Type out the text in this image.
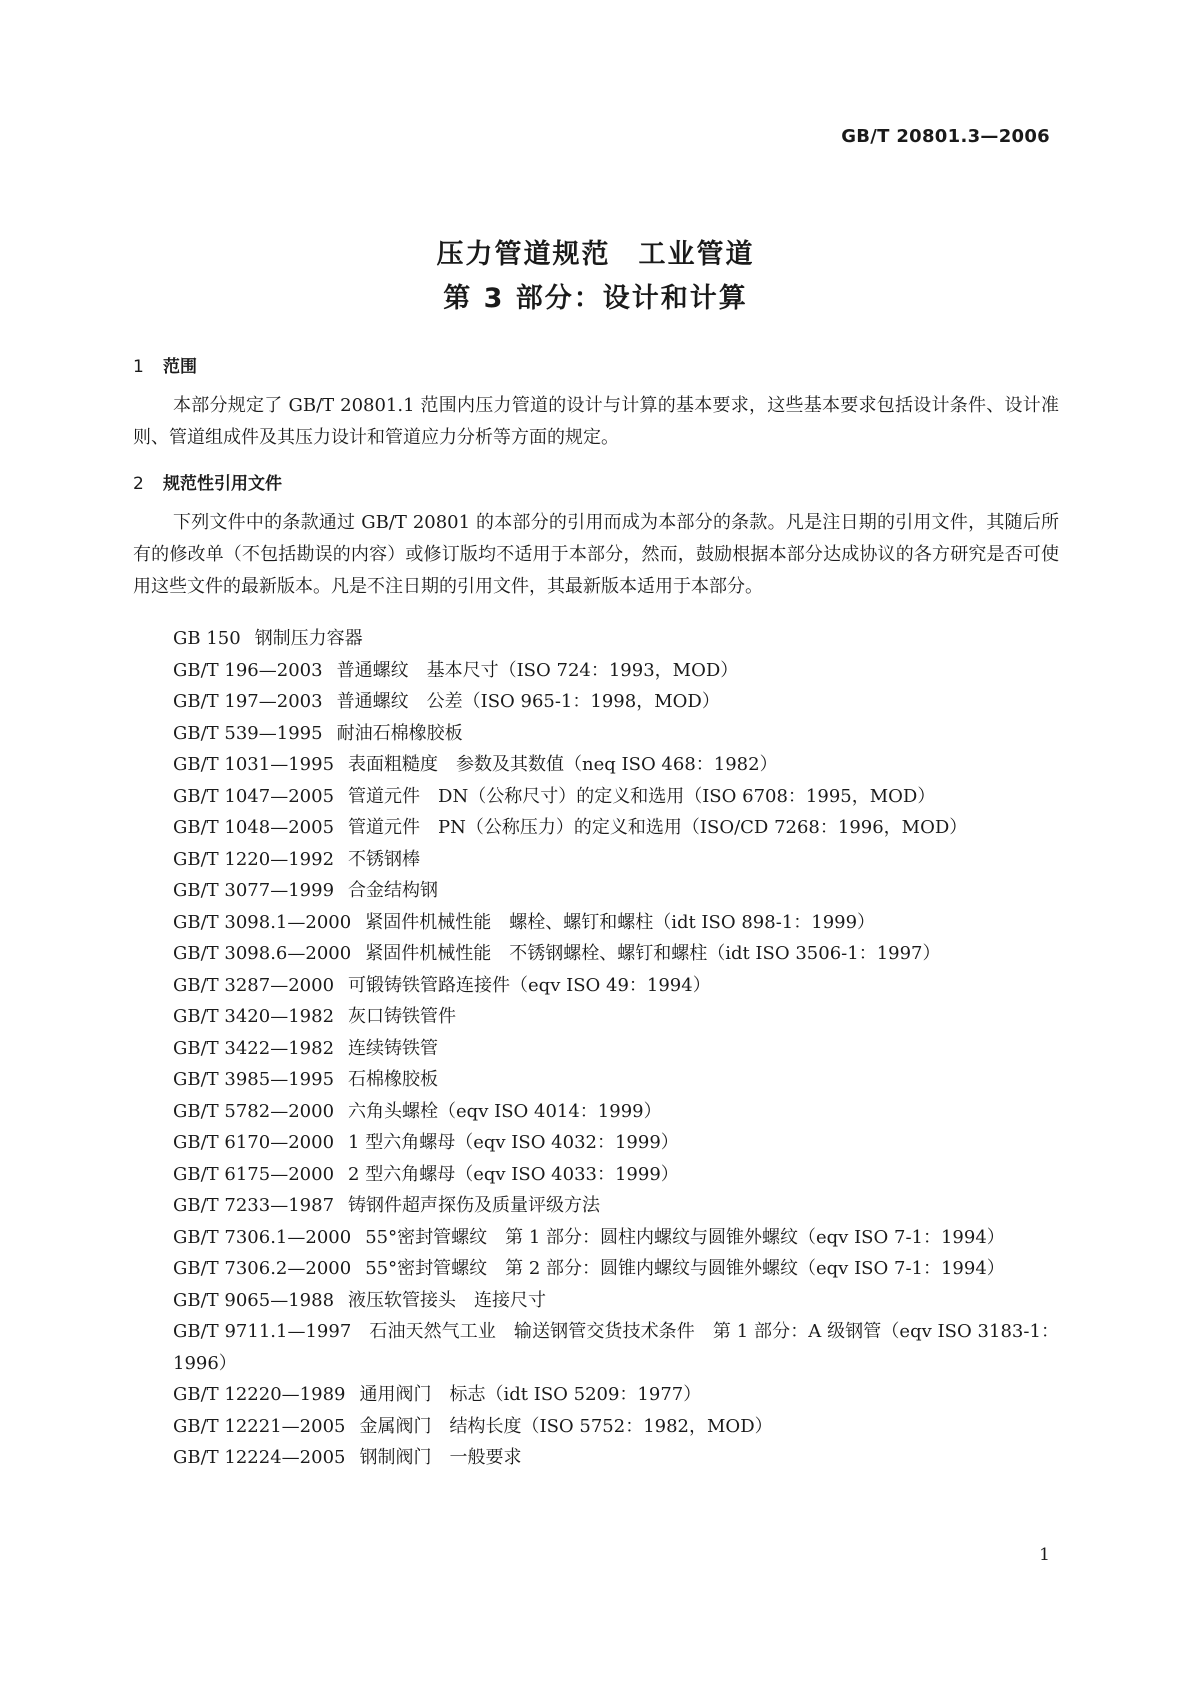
GB/T 20801.3—2006
压力管道规范 工业管道
第 3 部分：设计和计算
1 范围
本部分规定了 GB/T 20801.1 范围内压力管道的设计与计算的基本要求，这些基本要求包括设计条件、设计准则、管道组成件及其压力设计和管道应力分析等方面的规定。
2 规范性引用文件
下列文件中的条款通过 GB/T 20801 的本部分的引用而成为本部分的条款。凡是注日期的引用文件，其随后所有的修改单（不包括勘误的内容）或修订版均不适用于本部分，然而，鼓励根据本部分达成协议的各方研究是否可使用这些文件的最新版本。凡是不注日期的引用文件，其最新版本适用于本部分。
GB 150 钢制压力容器
GB/T 196—2003 普通螺纹　基本尺寸（ISO 724：1993，MOD）
GB/T 197—2003 普通螺纹　公差（ISO 965-1：1998，MOD）
GB/T 539—1995 耐油石棉橡胶板
GB/T 1031—1995 表面粗糙度　参数及其数值（neq ISO 468：1982）
GB/T 1047—2005 管道元件　DN（公称尺寸）的定义和选用（ISO 6708：1995，MOD）
GB/T 1048—2005 管道元件　PN（公称压力）的定义和选用（ISO/CD 7268：1996，MOD）
GB/T 1220—1992 不锈钢棒
GB/T 3077—1999 合金结构钢
GB/T 3098.1—2000 紧固件机械性能　螺栓、螺钉和螺柱（idt ISO 898-1：1999）
GB/T 3098.6—2000 紧固件机械性能　不锈钢螺栓、螺钉和螺柱（idt ISO 3506-1：1997）
GB/T 3287—2000 可锻铸铁管路连接件（eqv ISO 49：1994）
GB/T 3420—1982 灰口铸铁管件
GB/T 3422—1982 连续铸铁管
GB/T 3985—1995 石棉橡胶板
GB/T 5782—2000 六角头螺栓（eqv ISO 4014：1999）
GB/T 6170—2000 1 型六角螺母（eqv ISO 4032：1999）
GB/T 6175—2000 2 型六角螺母（eqv ISO 4033：1999）
GB/T 7233—1987 铸钢件超声探伤及质量评级方法
GB/T 7306.1—2000 55°密封管螺纹　第 1 部分：圆柱内螺纹与圆锥外螺纹（eqv ISO 7-1：1994）
GB/T 7306.2—2000 55°密封管螺纹　第 2 部分：圆锥内螺纹与圆锥外螺纹（eqv ISO 7-1：1994）
GB/T 9065—1988 液压软管接头　连接尺寸
GB/T 9711.1—1997 石油天然气工业　输送钢管交货技术条件　第 1 部分：A 级钢管（eqv ISO 3183-1：1996）
GB/T 12220—1989 通用阀门　标志（idt ISO 5209：1977）
GB/T 12221—2005 金属阀门　结构长度（ISO 5752：1982，MOD）
GB/T 12224—2005 钢制阀门　一般要求
1
